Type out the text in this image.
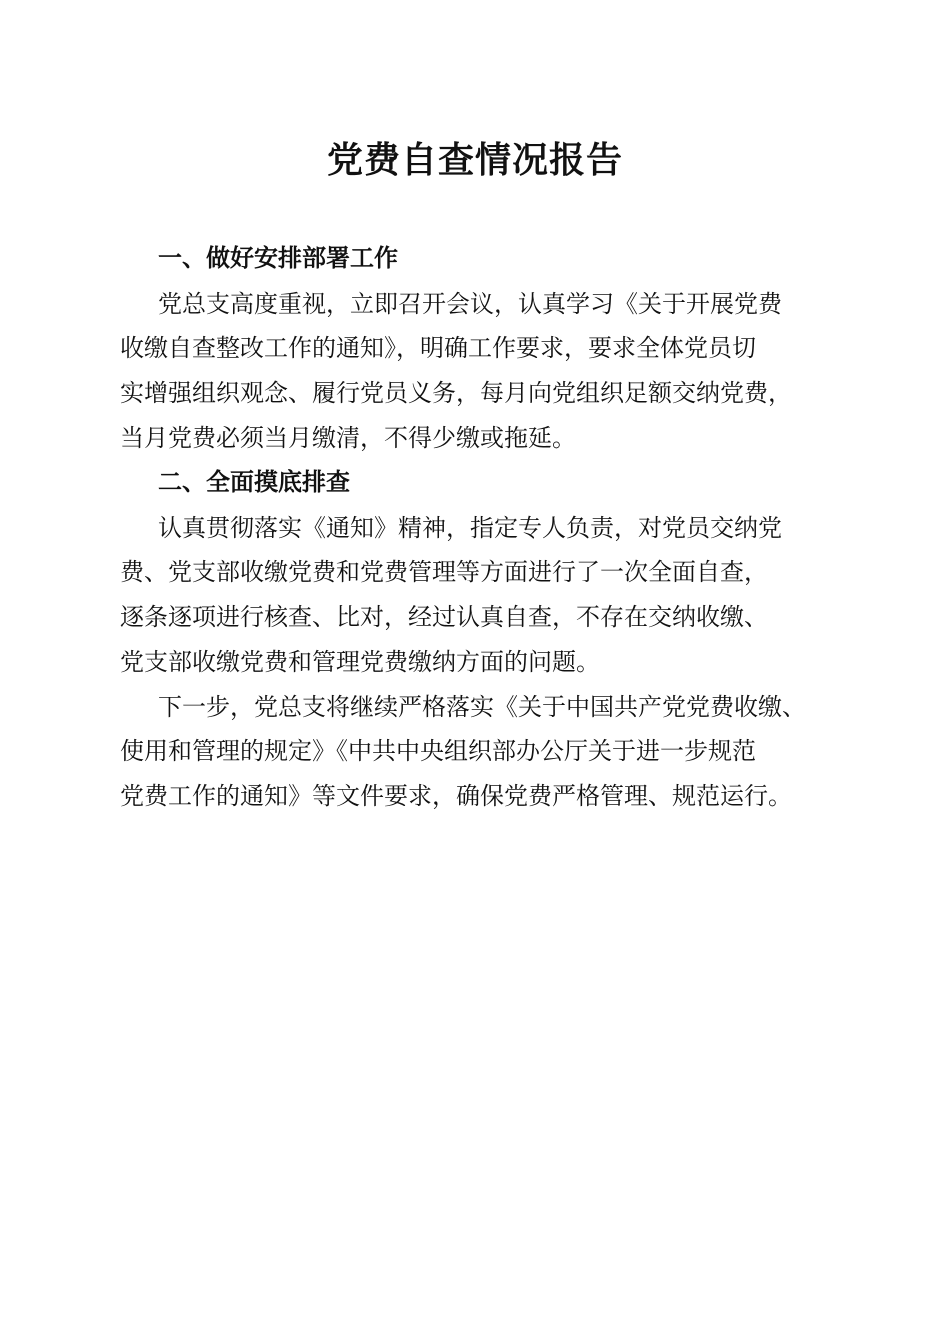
党费自查情况报告
一、做好安排部署工作

党总支高度重视，立即召开会议，认真学习《关于开展党费

收缴自查整改工作的通知》，明确工作要求，要求全体党员切

实增强组织观念、履行党员义务，每月向党组织足额交纳党费，

当月党费必须当月缴清，不得少缴或拖延。

二、全面摸底排查

认真贯彻落实《通知》精神，指定专人负责，对党员交纳党

费、党支部收缴党费和党费管理等方面进行了一次全面自查，

逐条逐项进行核查、比对，经过认真自查，不存在交纳收缴、

党支部收缴党费和管理党费缴纳方面的问题。

下一步，党总支将继续严格落实《关于中国共产党党费收缴、

使用和管理的规定》《中共中央组织部办公厅关于进一步规范

党费工作的通知》等文件要求，确保党费严格管理、规范运行。
